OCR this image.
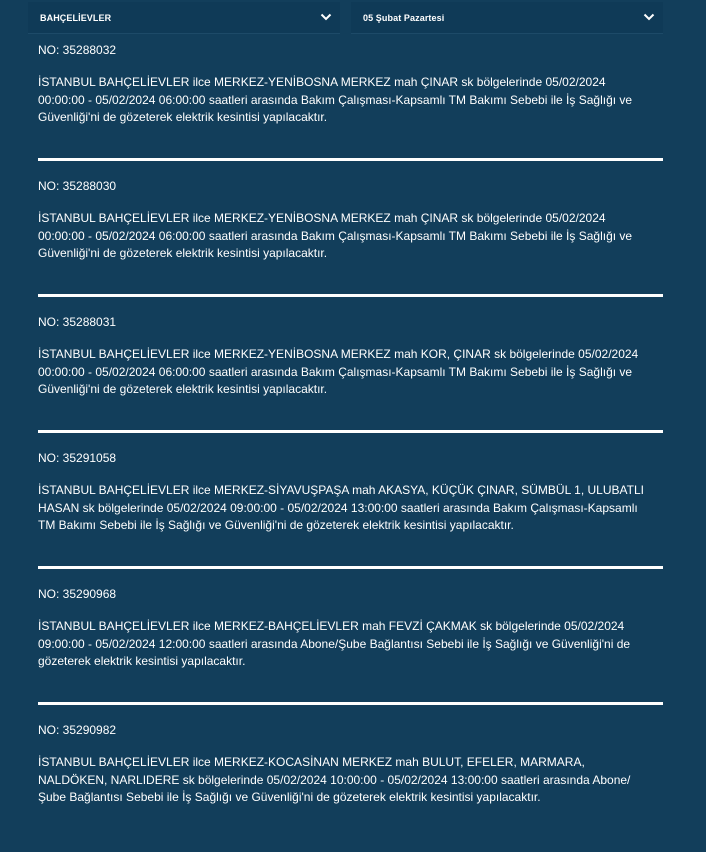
BAHÇELİEVLER	05 Şubat Pazartesi
NO: 35288032
İSTANBUL BAHÇELİEVLER ilce MERKEZ-YENİBOSNA MERKEZ mah ÇINAR sk bölgelerinde 05/02/2024 00:00:00 - 05/02/2024 06:00:00 saatleri arasında Bakım Çalışması-Kapsamlı TM Bakımı Sebebi ile İş Sağlığı ve Güvenliği'ni de gözeterek elektrik kesintisi yapılacaktır.
NO: 35288030
İSTANBUL BAHÇELİEVLER ilce MERKEZ-YENİBOSNA MERKEZ mah ÇINAR sk bölgelerinde 05/02/2024 00:00:00 - 05/02/2024 06:00:00 saatleri arasında Bakım Çalışması-Kapsamlı TM Bakımı Sebebi ile İş Sağlığı ve Güvenliği'ni de gözeterek elektrik kesintisi yapılacaktır.
NO: 35288031
İSTANBUL BAHÇELİEVLER ilce MERKEZ-YENİBOSNA MERKEZ mah KOR, ÇINAR sk bölgelerinde 05/02/2024 00:00:00 - 05/02/2024 06:00:00 saatleri arasında Bakım Çalışması-Kapsamlı TM Bakımı Sebebi ile İş Sağlığı ve Güvenliği'ni de gözeterek elektrik kesintisi yapılacaktır.
NO: 35291058
İSTANBUL BAHÇELİEVLER ilce MERKEZ-SİYAVUŞPAŞA mah AKASYA, KÜÇÜK ÇINAR, SÜMBÜL 1, ULUBATLI HASAN sk bölgelerinde 05/02/2024 09:00:00 - 05/02/2024 13:00:00 saatleri arasında Bakım Çalışması-Kapsamlı TM Bakımı Sebebi ile İş Sağlığı ve Güvenliği'ni de gözeterek elektrik kesintisi yapılacaktır.
NO: 35290968
İSTANBUL BAHÇELİEVLER ilce MERKEZ-BAHÇELİEVLER mah FEVZİ ÇAKMAK sk bölgelerinde 05/02/2024 09:00:00 - 05/02/2024 12:00:00 saatleri arasında Abone/Şube Bağlantısı Sebebi ile İş Sağlığı ve Güvenliği'ni de gözeterek elektrik kesintisi yapılacaktır.
NO: 35290982
İSTANBUL BAHÇELİEVLER ilce MERKEZ-KOCASİNAN MERKEZ mah BULUT, EFELER, MARMARA, NALDÖKEN, NARLIDERE sk bölgelerinde 05/02/2024 10:00:00 - 05/02/2024 13:00:00 saatleri arasında Abone/Şube Bağlantısı Sebebi ile İş Sağlığı ve Güvenliği'ni de gözeterek elektrik kesintisi yapılacaktır.
